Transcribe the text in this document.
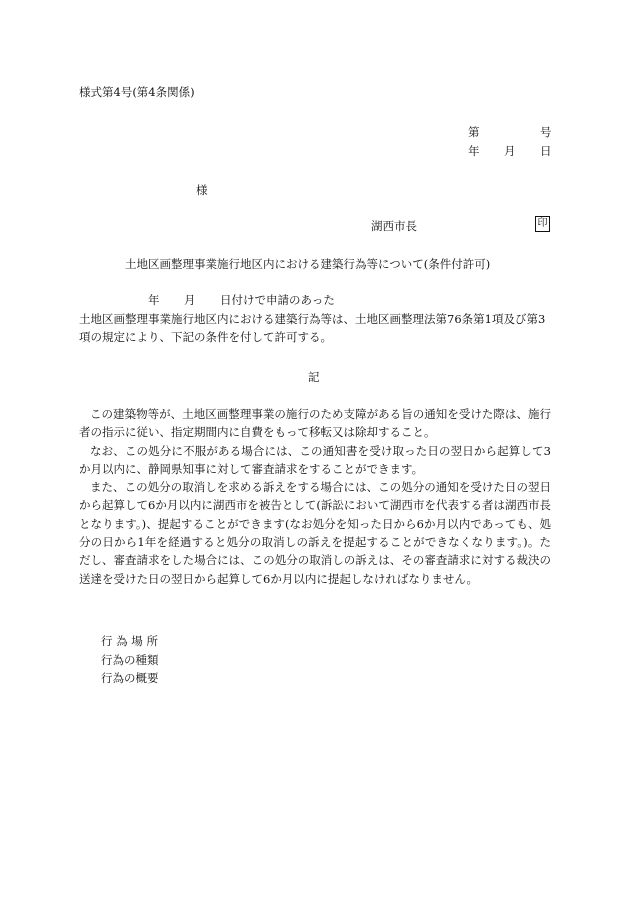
様式第4号(第4条関係)
第	号
年 月 日
様
湖西市長	印
土地区画整理事業施行地区内における建築行為等について(条件付許可)
年 月 日付けで申請のあった
土地区画整理事業施行地区内における建築行為等は、土地区画整理法第76条第1項及び第3
項の規定により、下記の条件を付して許可する。
記

この建築物等が、土地区画整理事業の施行のため支障がある旨の通知を受けた際は、施行者の指示に従い、指定期間内に自費をもって移転又は除却すること。

なお、この処分に不服がある場合には、この通知書を受け取った日の翌日から起算して3か月以内に、静岡県知事に対して審査請求をすることができます。

また、この処分の取消しを求める訴えをする場合には、この処分の通知を受けた日の翌日から起算して6か月以内に湖西市を被告として(訴訟において湖西市を代表する者は湖西市長となります。)、提起することができます(なお処分を知った日から6か月以内であっても、処分の日から1年を経過すると処分の取消しの訴えを提起することができなくなります。)。ただし、審査請求をした場合には、この処分の取消しの訴えは、その審査請求に対する裁決の送達を受けた日の翌日から起算して6か月以内に提起しなければなりません。

行 為 場 所
行為の種類
行為の概要
